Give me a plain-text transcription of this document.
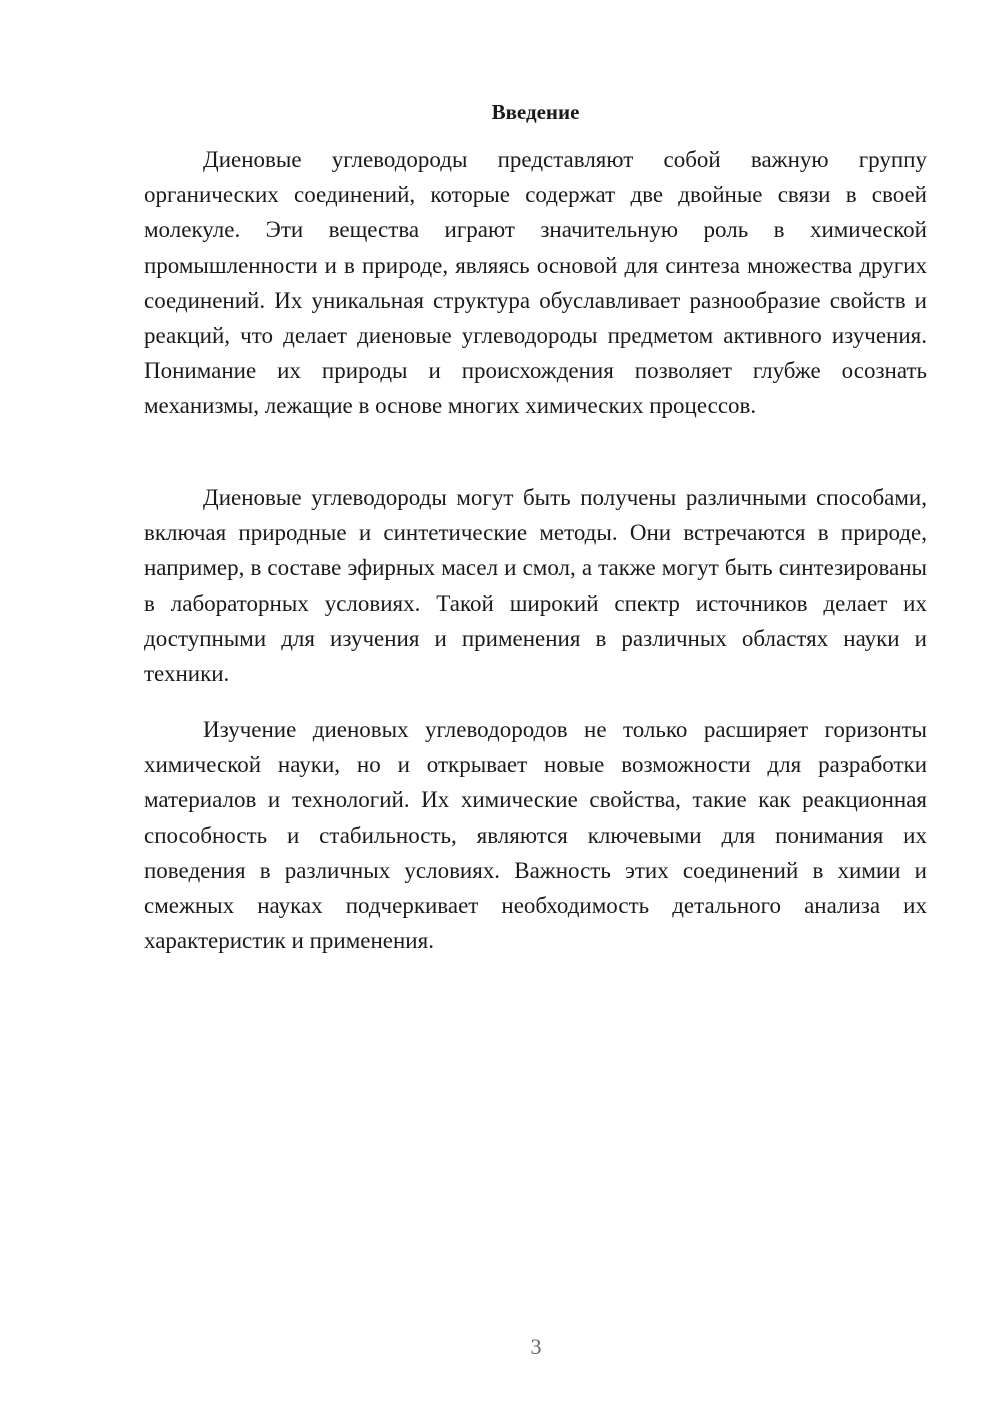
Введение

Диеновые углеводороды представляют собой важную группу органических соединений, которые содержат две двойные связи в своей молекуле. Эти вещества играют значительную роль в химической промышленности и в природе, являясь основой для синтеза множества других соединений. Их уникальная структура обуславливает разнообразие свойств и реакций, что делает диеновые углеводороды предметом активного изучения. Понимание их природы и происхождения позволяет глубже осознать механизмы, лежащие в основе многих химических процессов.

Диеновые углеводороды могут быть получены различными способами, включая природные и синтетические методы. Они встречаются в природе, например, в составе эфирных масел и смол, а также могут быть синтезированы в лабораторных условиях. Такой широкий спектр источников делает их доступными для изучения и применения в различных областях науки и техники.

Изучение диеновых углеводородов не только расширяет горизонты химической науки, но и открывает новые возможности для разработки материалов и технологий. Их химические свойства, такие как реакционная способность и стабильность, являются ключевыми для понимания их поведения в различных условиях. Важность этих соединений в химии и смежных науках подчеркивает необходимость детального анализа их характеристик и применения.

3
